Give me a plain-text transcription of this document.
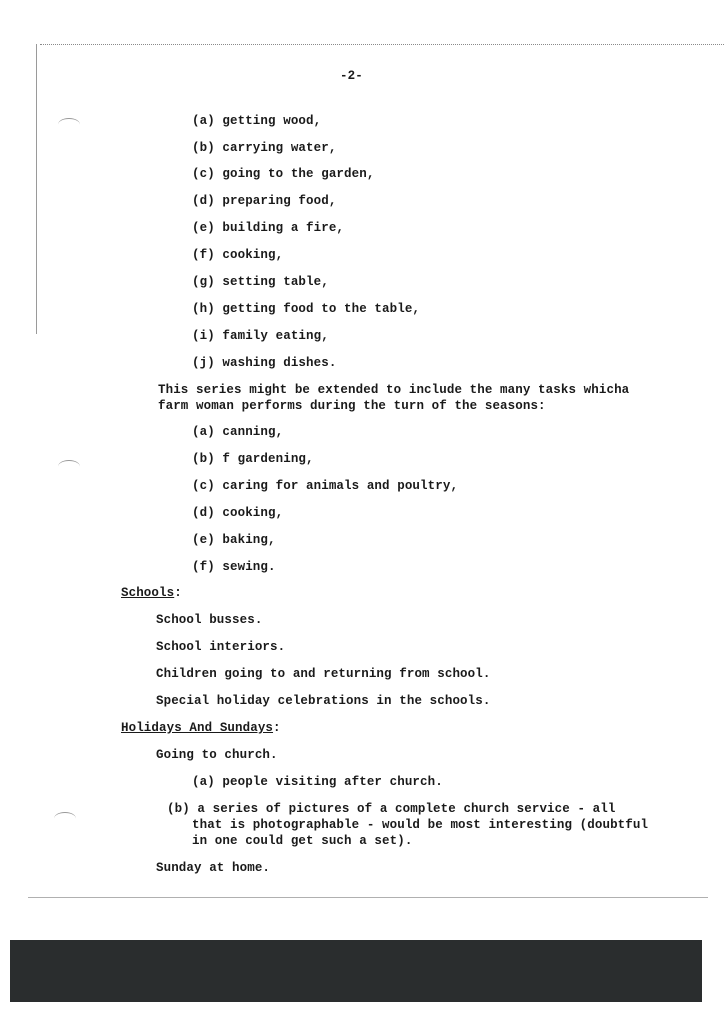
-2-
(a) getting wood,
(b) carrying water,
(c) going to the garden,
(d) preparing food,
(e) building a fire,
(f) cooking,
(g) setting table,
(h) getting food to the table,
(i) family eating,
(j) washing dishes.
This series might be extended to include the many tasks whicha farm woman performs during the turn of the seasons:
(a) canning,
(b) f gardening,
(c) caring for animals and poultry,
(d) cooking,
(e) baking,
(f) sewing.
Schools:
School busses.
School interiors.
Children going to and returning from school.
Special holiday celebrations in the schools.
Holidays And Sundays:
Going to church.
(a) people visiting after church.
(b) a series of pictures of a complete church service - all that is photographable - would be most interesting (doubtful in one could get such a set).
Sunday at home.
